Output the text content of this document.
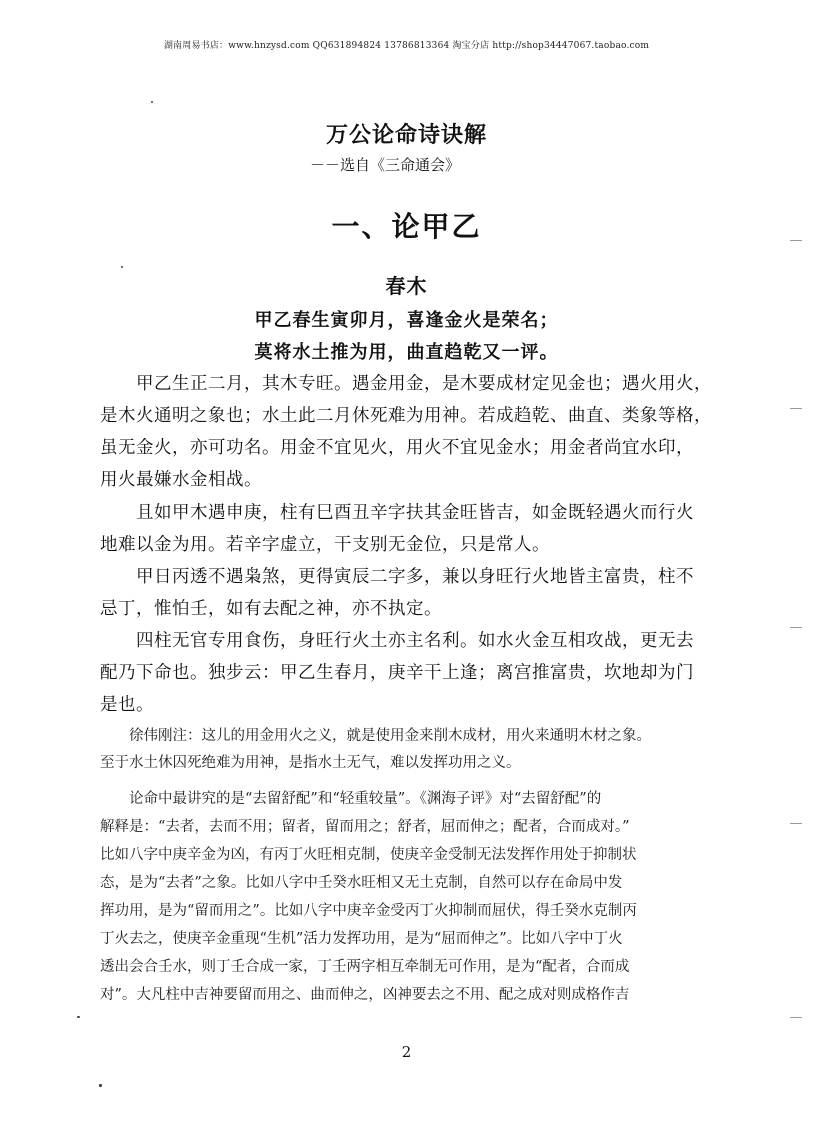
湖南周易书店：www.hnzysd.com QQ631894824 13786813364 淘宝分店 http://shop34447067.taobao.com
万公论命诗诀解
－－选自《三命通会》
一、论甲乙
春木
甲乙春生寅卯月，喜逢金火是荣名；
莫将水土推为用，曲直趋乾又一评。
　　甲乙生正二月，其木专旺。遇金用金，是木要成材定见金也；遇火用火，
是木火通明之象也；水土此二月休死难为用神。若成趋乾、曲直、类象等格，
虽无金火，亦可功名。用金不宜见火，用火不宜见金水；用金者尚宜水印，
用火最嫌水金相战。
　　且如甲木遇申庚，柱有巳酉丑辛字扶其金旺皆吉，如金既轻遇火而行火
地难以金为用。若辛字虚立，干支别无金位，只是常人。
　　甲日丙透不遇枭煞，更得寅辰二字多，兼以身旺行火地皆主富贵，柱不
忌丁，惟怕壬，如有去配之神，亦不执定。
　　四柱无官专用食伤，身旺行火土亦主名利。如水火金互相攻战，更无去
配乃下命也。独步云：甲乙生春月，庚辛干上逢；离宫推富贵，坎地却为门
是也。
　　徐伟刚注：这儿的用金用火之义，就是使用金来削木成材，用火来通明木材之象。
至于水土休囚死绝难为用神，是指水土无气，难以发挥功用之义。
　　论命中最讲究的是“去留舒配”和“轻重较量”。《渊海子评》对“去留舒配”的
解释是：“去者，去而不用；留者，留而用之；舒者，屈而伸之；配者，合而成对。”
比如八字中庚辛金为凶，有丙丁火旺相克制，使庚辛金受制无法发挥作用处于抑制状
态，是为“去者”之象。比如八字中壬癸水旺相又无土克制，自然可以存在命局中发
挥功用，是为“留而用之”。比如八字中庚辛金受丙丁火抑制而屈伏，得壬癸水克制丙
丁火去之，使庚辛金重现“生机”活力发挥功用，是为“屈而伸之”。比如八字中丁火
透出会合壬水，则丁壬合成一家，丁壬两字相互牵制无可作用，是为“配者，合而成
对”。大凡柱中吉神要留而用之、曲而伸之，凶神要去之不用、配之成对则成格作吉
2
